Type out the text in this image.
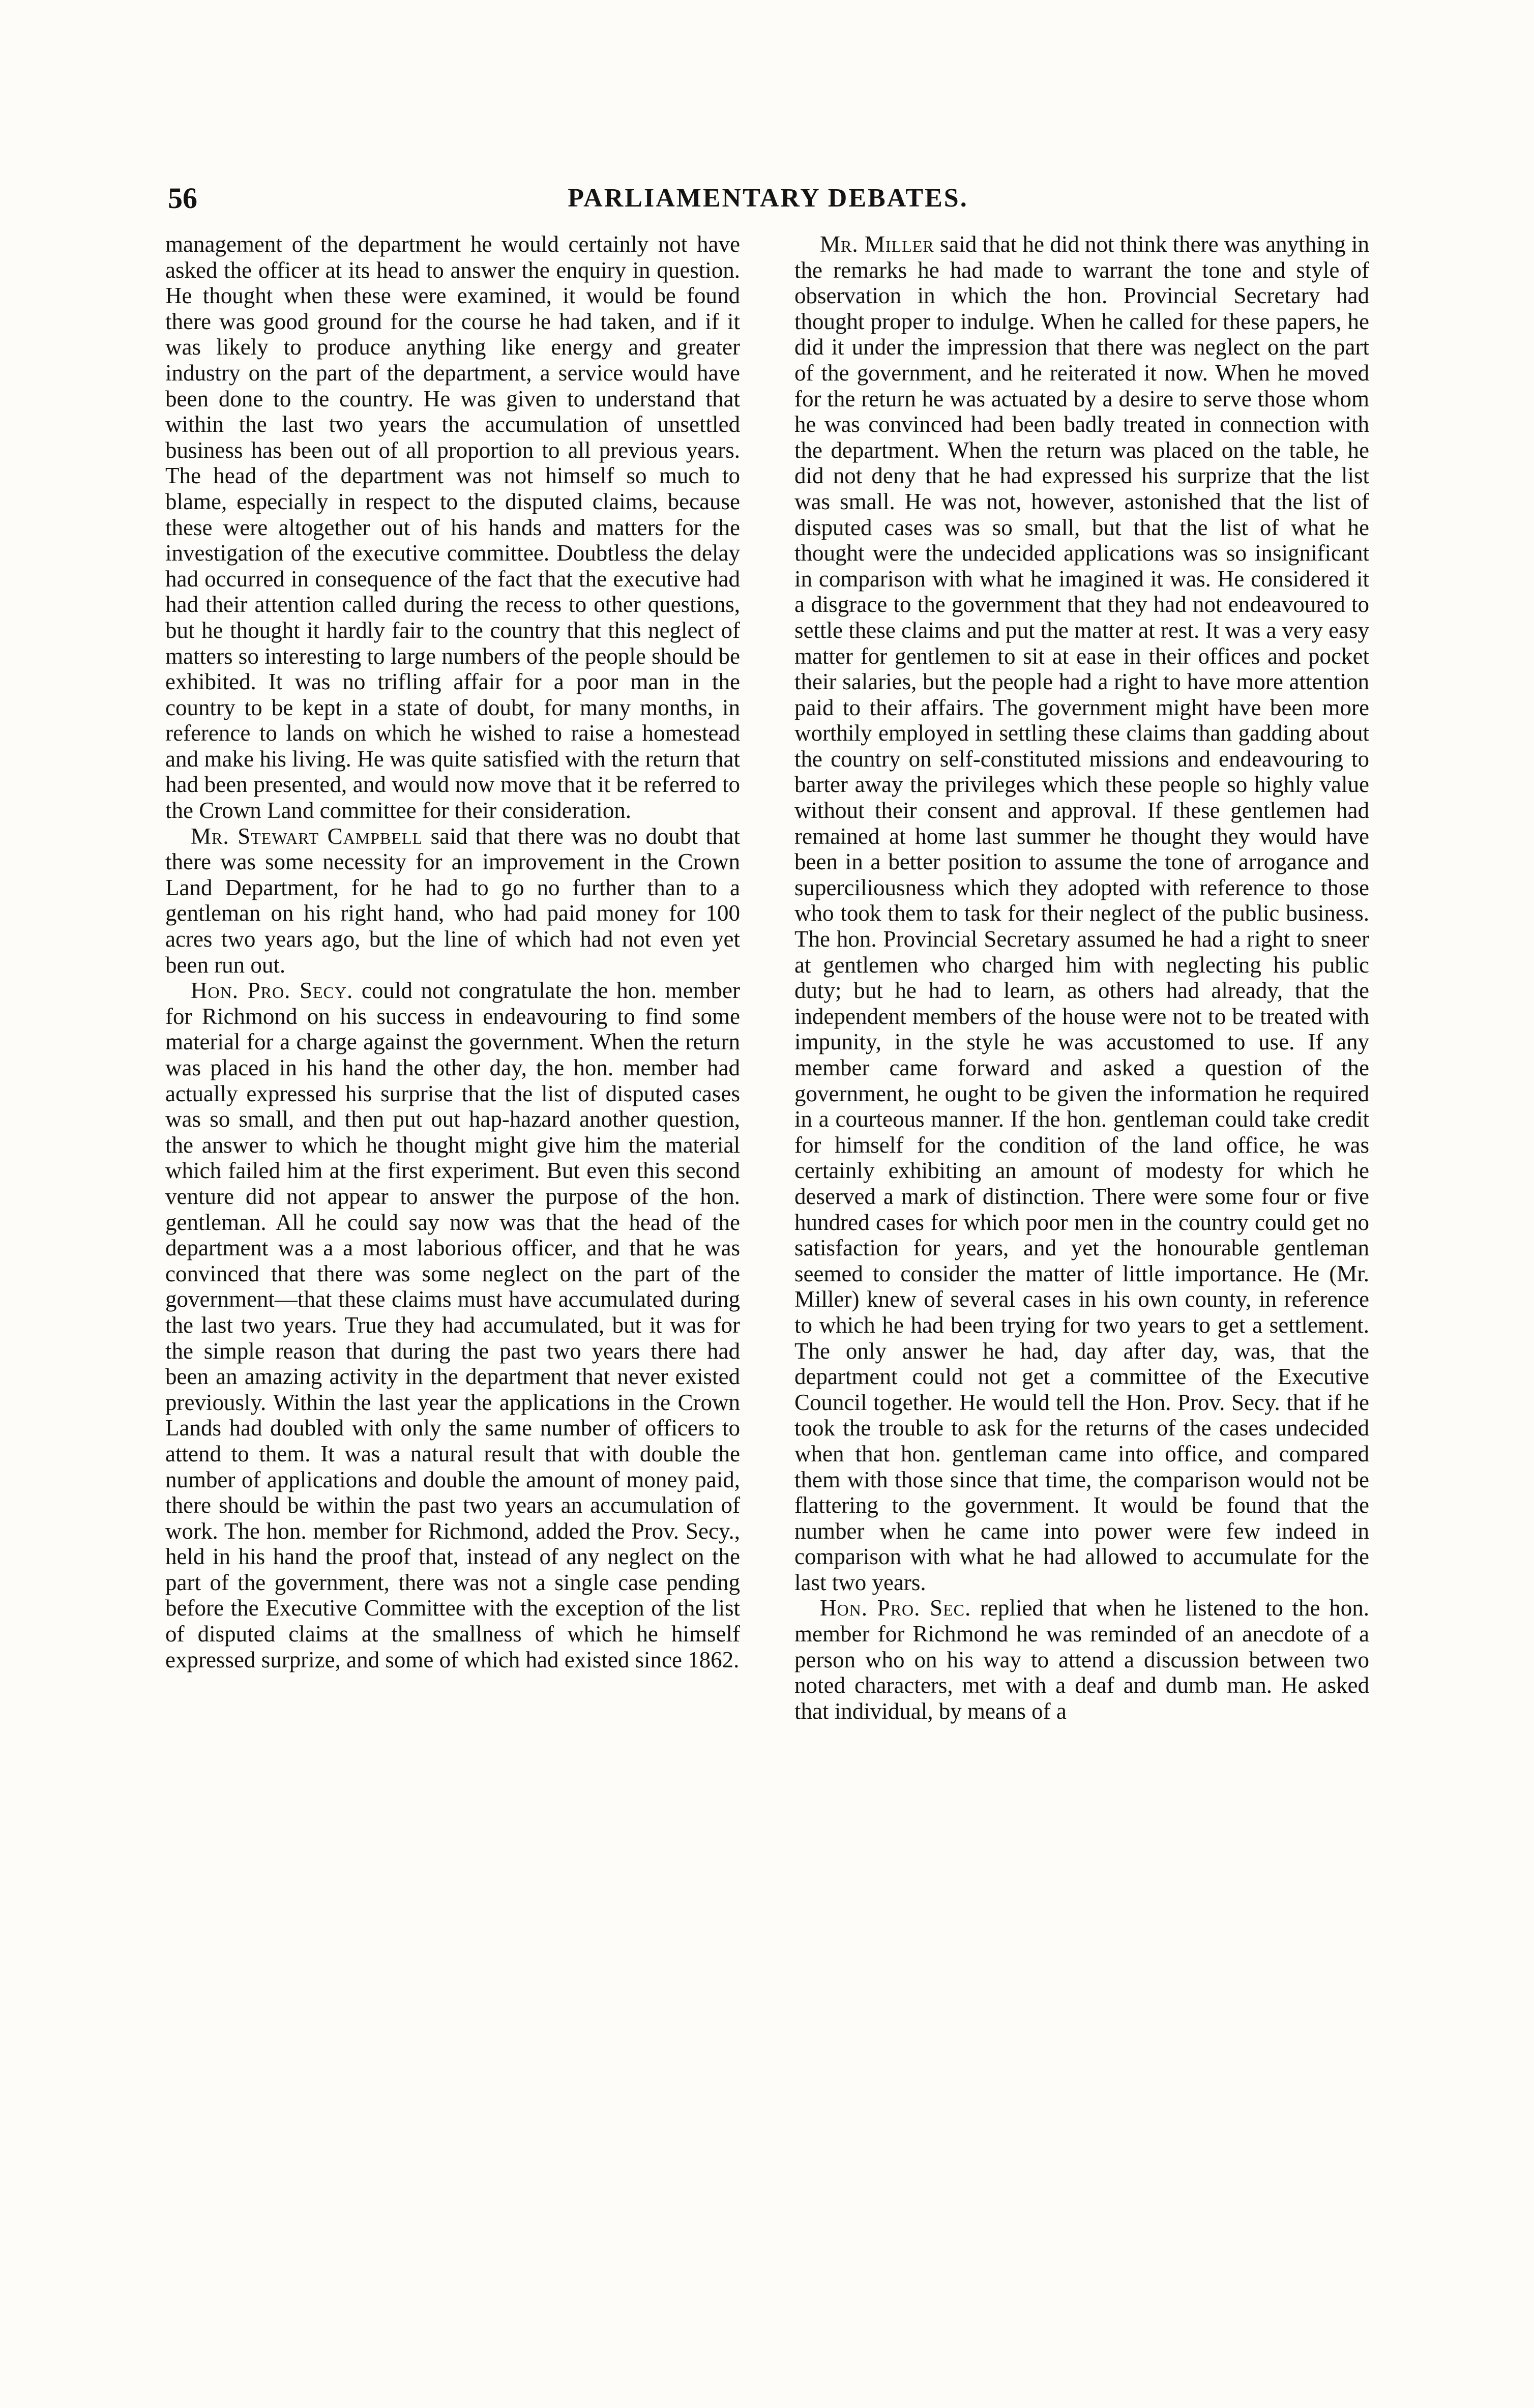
56	PARLIAMENTARY DEBATES.

management of the department he would certainly not have asked the officer at its head to answer the enquiry in question. He thought when these were examined, it would be found there was good ground for the course he had taken, and if it was likely to produce anything like energy and greater industry on the part of the department, a service would have been done to the country. He was given to understand that within the last two years the accumulation of unsettled business has been out of all proportion to all previous years. The head of the department was not himself so much to blame, especially in respect to the disputed claims, because these were altogether out of his hands and matters for the investigation of the executive committee. Doubtless the delay had occurred in consequence of the fact that the executive had had their attention called during the recess to other questions, but he thought it hardly fair to the country that this neglect of matters so interesting to large numbers of the people should be exhibited. It was no trifling affair for a poor man in the country to be kept in a state of doubt, for many months, in reference to lands on which he wished to raise a homestead and make his living. He was quite satisfied with the return that had been presented, and would now move that it be referred to the Crown Land committee for their consideration.

Mr. Stewart Campbell said that there was no doubt that there was some necessity for an improvement in the Crown Land Department, for he had to go no further than to a gentleman on his right hand, who had paid money for 100 acres two years ago, but the line of which had not even yet been run out.

Hon. Pro. Secy. could not congratulate the hon. member for Richmond on his success in endeavouring to find some material for a charge against the government. When the return was placed in his hand the other day, the hon. member had actually expressed his surprise that the list of disputed cases was so small, and then put out hap-hazard another question, the answer to which he thought might give him the material which failed him at the first experiment. But even this second venture did not appear to answer the purpose of the hon. gentleman. All he could say now was that the head of the department was a a most laborious officer, and that he was convinced that there was some neglect on the part of the government—that these claims must have accumulated during the last two years. True they had accumulated, but it was for the simple reason that during the past two years there had been an amazing activity in the department that never existed previously. Within the last year the applications in the Crown Lands had doubled with only the same number of officers to attend to them. It was a natural result that with double the number of applications and double the amount of money paid, there should be within the past two years an accumulation of work. The hon. member for Richmond, added the Prov. Secy., held in his hand the proof that, instead of any neglect on the part of the government, there was not a single case pending before the Executive Committee with the exception of the list of disputed claims at the smallness of which he himself expressed surprize, and some of which had existed since 1862.

Mr. Miller said that he did not think there was anything in the remarks he had made to warrant the tone and style of observation in which the hon. Provincial Secretary had thought proper to indulge. When he called for these papers, he did it under the impression that there was neglect on the part of the government, and he reiterated it now. When he moved for the return he was actuated by a desire to serve those whom he was convinced had been badly treated in connection with the department. When the return was placed on the table, he did not deny that he had expressed his surprize that the list was small. He was not, however, astonished that the list of disputed cases was so small, but that the list of what he thought were the undecided applications was so insignificant in comparison with what he imagined it was. He considered it a disgrace to the government that they had not endeavoured to settle these claims and put the matter at rest. It was a very easy matter for gentlemen to sit at ease in their offices and pocket their salaries, but the people had a right to have more attention paid to their affairs. The government might have been more worthily employed in settling these claims than gadding about the country on self-constituted missions and endeavouring to barter away the privileges which these people so highly value without their consent and approval. If these gentlemen had remained at home last summer he thought they would have been in a better position to assume the tone of arrogance and superciliousness which they adopted with reference to those who took them to task for their neglect of the public business. The hon. Provincial Secretary assumed he had a right to sneer at gentlemen who charged him with neglecting his public duty; but he had to learn, as others had already, that the independent members of the house were not to be treated with impunity, in the style he was accustomed to use. If any member came forward and asked a question of the government, he ought to be given the information he required in a courteous manner. If the hon. gentleman could take credit for himself for the condition of the land office, he was certainly exhibiting an amount of modesty for which he deserved a mark of distinction. There were some four or five hundred cases for which poor men in the country could get no satisfaction for years, and yet the honourable gentleman seemed to consider the matter of little importance. He (Mr. Miller) knew of several cases in his own county, in reference to which he had been trying for two years to get a settlement. The only answer he had, day after day, was, that the department could not get a committee of the Executive Council together. He would tell the Hon. Prov. Secy. that if he took the trouble to ask for the returns of the cases undecided when that hon. gentleman came into office, and compared them with those since that time, the comparison would not be flattering to the government. It would be found that the number when he came into power were few indeed in comparison with what he had allowed to accumulate for the last two years.

Hon. Pro. Sec. replied that when he listened to the hon. member for Richmond he was reminded of an anecdote of a person who on his way to attend a discussion between two noted characters, met with a deaf and dumb man. He asked that individual, by means of a
